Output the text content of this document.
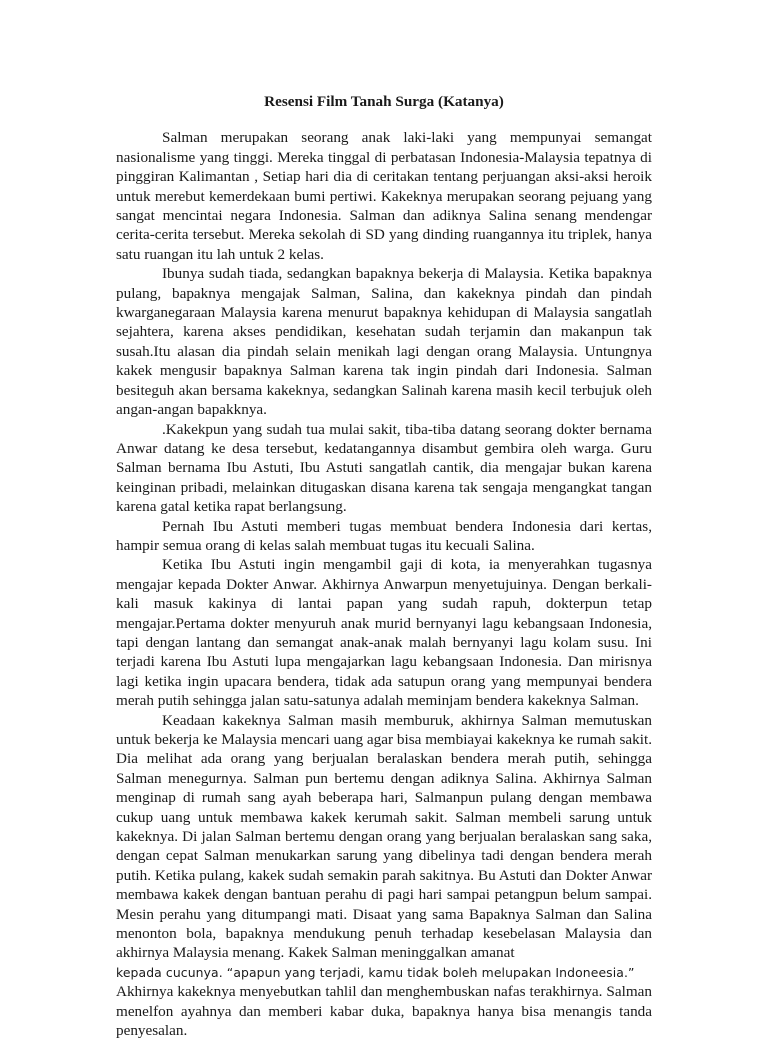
Resensi Film Tanah Surga (Katanya)

Salman merupakan seorang anak laki-laki yang mempunyai semangat nasionalisme yang tinggi. Mereka tinggal di perbatasan Indonesia-Malaysia tepatnya di pinggiran Kalimantan , Setiap hari dia di ceritakan tentang perjuangan aksi-aksi heroik untuk merebut kemerdekaan bumi pertiwi. Kakeknya merupakan seorang pejuang yang sangat mencintai negara Indonesia. Salman dan adiknya Salina senang mendengar cerita-cerita tersebut. Mereka sekolah di SD yang dinding ruangannya itu triplek, hanya satu ruangan itu lah untuk 2 kelas.

Ibunya sudah tiada, sedangkan bapaknya bekerja di Malaysia. Ketika bapaknya pulang, bapaknya mengajak Salman, Salina, dan kakeknya pindah dan pindah kwarganegaraan Malaysia karena menurut bapaknya kehidupan di Malaysia sangatlah sejahtera, karena akses pendidikan, kesehatan sudah terjamin dan makanpun tak susah.Itu alasan dia pindah selain menikah lagi dengan orang Malaysia. Untungnya kakek mengusir bapaknya Salman karena tak ingin pindah dari Indonesia. Salman besiteguh akan bersama kakeknya, sedangkan Salinah karena masih kecil terbujuk oleh angan-angan bapakknya.

.Kakekpun yang sudah tua mulai sakit, tiba-tiba datang seorang dokter bernama Anwar datang ke desa tersebut, kedatangannya disambut gembira oleh warga. Guru Salman bernama Ibu Astuti, Ibu Astuti sangatlah cantik, dia mengajar bukan karena keinginan pribadi, melainkan ditugaskan disana karena tak sengaja mengangkat tangan karena gatal ketika rapat berlangsung.

Pernah Ibu Astuti memberi tugas membuat bendera Indonesia dari kertas, hampir semua orang di kelas salah membuat tugas itu kecuali Salina.

Ketika Ibu Astuti ingin mengambil gaji di kota, ia menyerahkan tugasnya mengajar kepada Dokter Anwar. Akhirnya Anwarpun menyetujuinya. Dengan berkali-kali masuk kakinya di lantai papan yang sudah rapuh, dokterpun tetap mengajar.Pertama dokter menyuruh anak murid bernyanyi lagu kebangsaan Indonesia, tapi dengan lantang dan semangat anak-anak malah bernyanyi lagu kolam susu. Ini terjadi karena Ibu Astuti lupa mengajarkan lagu kebangsaan Indonesia. Dan mirisnya lagi ketika ingin upacara bendera, tidak ada satupun orang yang mempunyai bendera merah putih sehingga jalan satu-satunya adalah meminjam bendera kakeknya Salman.

Keadaan kakeknya Salman masih memburuk, akhirnya Salman memutuskan untuk bekerja ke Malaysia mencari uang agar bisa membiayai kakeknya ke rumah sakit. Dia melihat ada orang yang berjualan beralaskan bendera merah putih, sehingga Salman menegurnya. Salman pun bertemu dengan adiknya Salina. Akhirnya Salman menginap di rumah sang ayah beberapa hari, Salmanpun pulang dengan membawa cukup uang untuk membawa kakek kerumah sakit. Salman membeli sarung untuk kakeknya. Di jalan Salman bertemu dengan orang yang berjualan beralaskan sang saka, dengan cepat Salman menukarkan sarung yang dibelinya tadi dengan bendera merah putih. Ketika pulang, kakek sudah semakin parah sakitnya. Bu Astuti dan Dokter Anwar membawa kakek dengan bantuan perahu di pagi hari sampai petangpun belum sampai. Mesin perahu yang ditumpangi mati. Disaat yang sama Bapaknya Salman dan Salina menonton bola, bapaknya mendukung penuh terhadap kesebelasan Malaysia dan akhirnya Malaysia menang. Kakek Salman meninggalkan amanat

kepada cucunya. “apapun yang terjadi, kamu tidak boleh melupakan Indoneesia.”

Akhirnya kakeknya menyebutkan tahlil dan menghembuskan nafas terakhirnya. Salman menelfon ayahnya dan memberi kabar duka, bapaknya hanya bisa menangis tanda penyesalan.
